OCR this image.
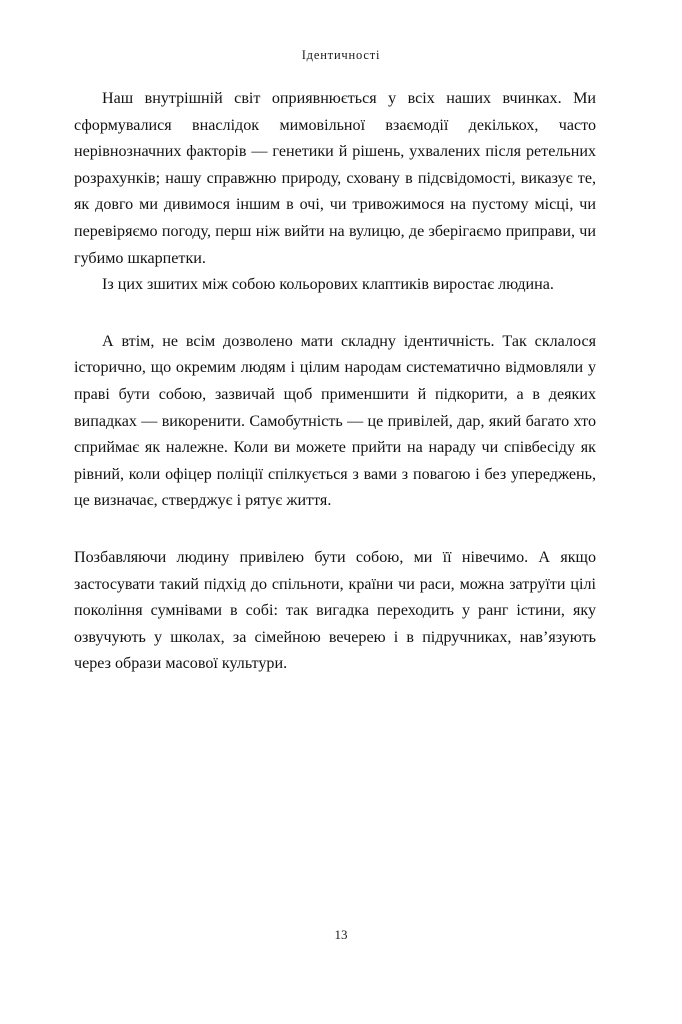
Ідентичності

Наш внутрішній світ оприявнюється у всіх наших вчинках. Ми сформувалися внаслідок мимовільної взаємодії декількох, часто нерівнозначних факторів — генетики й рішень, ухвалених після ретельних розрахунків; нашу справжню природу, сховану в підсвідомості, виказує те, як довго ми дивимося іншим в очі, чи тривожимося на пустому місці, чи перевіряємо погоду, перш ніж вийти на вулицю, де зберігаємо приправи, чи губимо шкарпетки.

Із цих зшитих між собою кольорових клаптиків виростає людина.

А втім, не всім дозволено мати складну ідентичність. Так склалося історично, що окремим людям і цілим народам систематично відмовляли у праві бути собою, зазвичай щоб применшити й підкорити, а в деяких випадках — викоренити. Самобутність — це привілей, дар, який багато хто сприймає як належне. Коли ви можете прийти на нараду чи співбесіду як рівний, коли офіцер поліції спілкується з вами з повагою і без упереджень, це визначає, стверджує і рятує життя.

Позбавляючи людину привілею бути собою, ми її нівечимо. А якщо застосувати такий підхід до спільноти, країни чи раси, можна затруїти цілі покоління сумнівами в собі: так вигадка переходить у ранг істини, яку озвучують у школах, за сімейною вечерею і в підручниках, нав’язують через образи масової культури.

13
